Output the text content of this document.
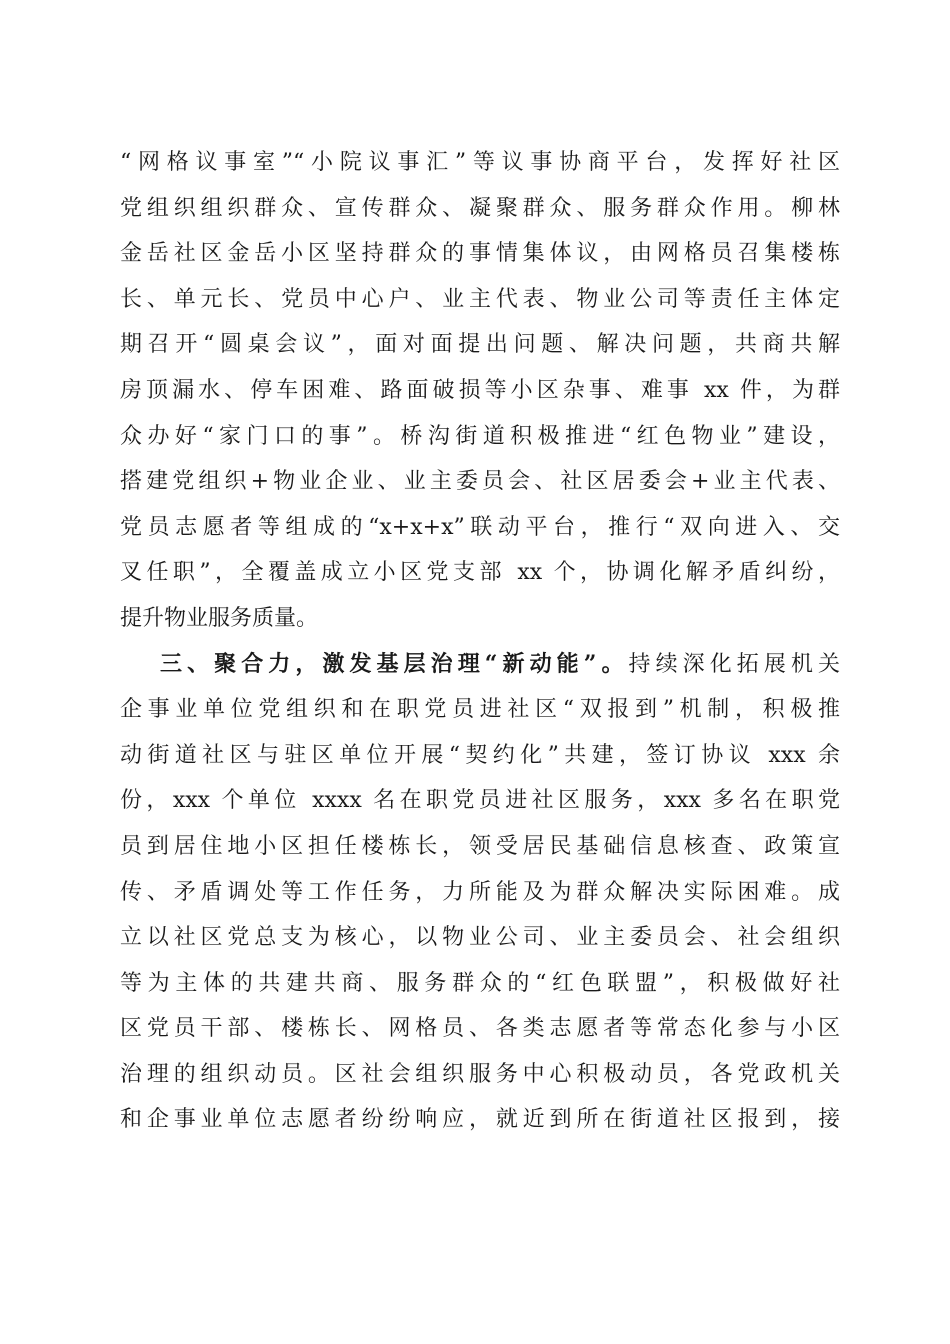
“网格议事室”“小院议事汇”等议事协商平台，发挥好社区
党组织组织群众、宣传群众、凝聚群众、服务群众作用。柳林
金岳社区金岳小区坚持群众的事情集体议，由网格员召集楼栋
长、单元长、党员中心户、业主代表、物业公司等责任主体定
期召开“圆桌会议”，面对面提出问题、解决问题，共商共解
房顶漏水、停车困难、路面破损等小区杂事、难事 xx 件，为群
众办好“家门口的事”。桥沟街道积极推进“红色物业”建设，
搭建党组织+物业企业、业主委员会、社区居委会+业主代表、
党员志愿者等组成的“x+x+x”联动平台，推行“双向进入、交
叉任职”，全覆盖成立小区党支部 xx 个，协调化解矛盾纠纷，
提升物业服务质量。
三、聚合力，激发基层治理“新动能”。持续深化拓展机关
企事业单位党组织和在职党员进社区“双报到”机制，积极推
动街道社区与驻区单位开展“契约化”共建，签订协议 xxx 余
份，xxx 个单位 xxxx 名在职党员进社区服务，xxx 多名在职党
员到居住地小区担任楼栋长，领受居民基础信息核查、政策宣
传、矛盾调处等工作任务，力所能及为群众解决实际困难。成
立以社区党总支为核心，以物业公司、业主委员会、社会组织
等为主体的共建共商、服务群众的“红色联盟”，积极做好社
区党员干部、楼栋长、网格员、各类志愿者等常态化参与小区
治理的组织动员。区社会组织服务中心积极动员，各党政机关
和企事业单位志愿者纷纷响应，就近到所在街道社区报到，接
